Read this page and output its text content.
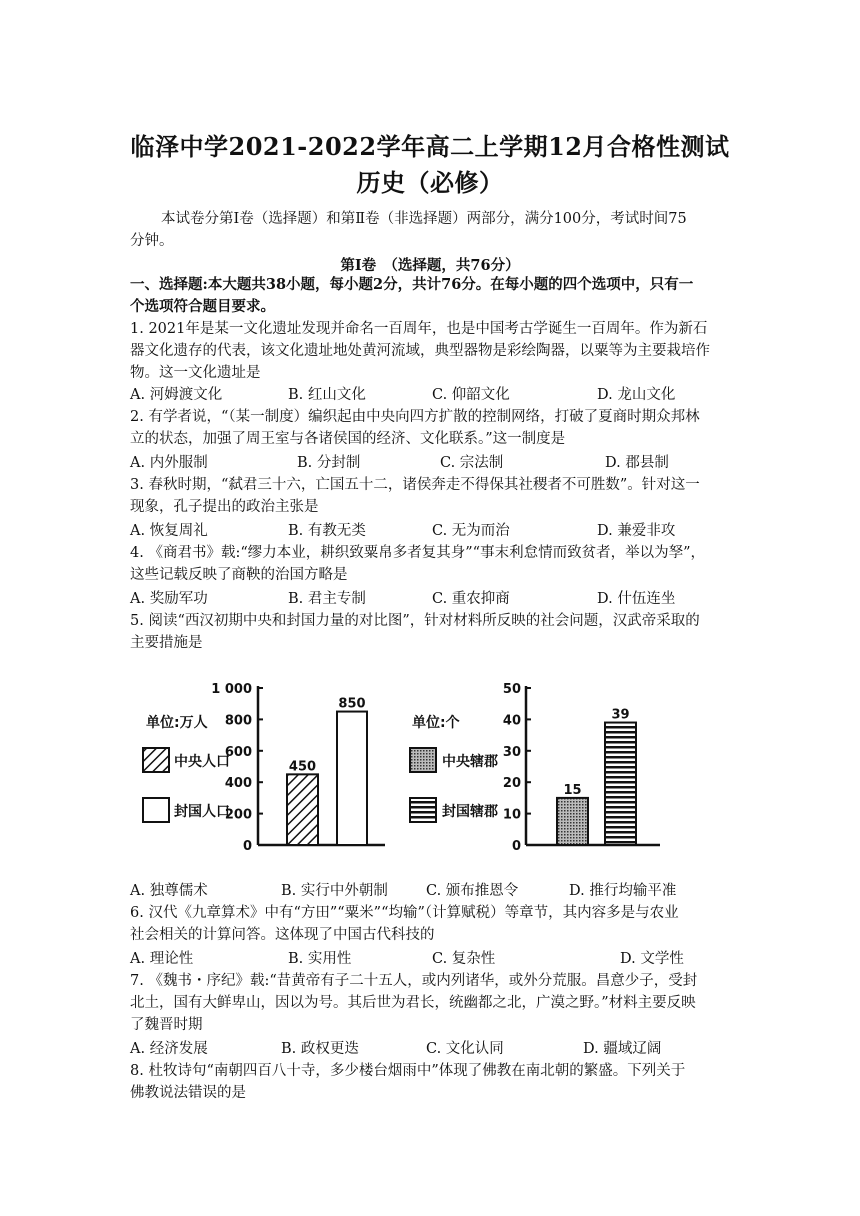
临泽中学2021-2022学年高二上学期12月合格性测试
历史（必修）
本试卷分第Ⅰ卷（选择题）和第Ⅱ卷（非选择题）两部分，满分100分，考试时间75
分钟。
第Ⅰ卷　（选择题，共76分）
一、选择题:本大题共38小题，每小题2分，共计76分。在每小题的四个选项中，只有一
个选项符合题目要求。
1. 2021年是某一文化遗址发现并命名一百周年，也是中国考古学诞生一百周年。作为新石
器文化遗存的代表，该文化遗址地处黄河流域，典型器物是彩绘陶器，以粟等为主要栽培作
物。这一文化遗址是
A. 河姆渡文化	B. 红山文化	C. 仰韶文化	D. 龙山文化
2. 有学者说，“（某一制度）编织起由中央向四方扩散的控制网络，打破了夏商时期众邦林
立的状态，加强了周王室与各诸侯国的经济、文化联系。”这一制度是
A. 内外服制	B. 分封制	C. 宗法制	D. 郡县制
3. 春秋时期，“弑君三十六，亡国五十二，诸侯奔走不得保其社稷者不可胜数”。针对这一
现象，孔子提出的政治主张是
A. 恢复周礼	B. 有教无类	C. 无为而治	D. 兼爱非攻
4. 《商君书》载:“缪力本业，耕织致粟帛多者复其身”“事末利怠情而致贫者，举以为孥”，
这些记载反映了商鞅的治国方略是
A. 奖励军功	B. 君主专制	C. 重农抑商	D. 什伍连坐
5. 阅读“西汉初期中央和封国力量的对比图”，针对材料所反映的社会问题，汉武帝采取的
主要措施是
0
200
400
600
800
1 000
450
850
单位:万人
中央人口
封国人口
0
10
20
30
40
50
15
39
单位:个
中央辖郡
封国辖郡
A. 独尊儒术	B. 实行中外朝制	C. 颁布推恩令	D. 推行均输平准
6. 汉代《九章算术》中有“方田”“粟米”“均输”（计算赋税）等章节，其内容多是与农业
社会相关的计算问答。这体现了中国古代科技的
A. 理论性	B. 实用性	C. 复杂性	D. 文学性
7. 《魏书・序纪》载:“昔黄帝有子二十五人，或内列诸华，或外分荒服。昌意少子，受封
北土，国有大鲜卑山，因以为号。其后世为君长，统幽都之北，广漠之野。”材料主要反映
了魏晋时期
A. 经济发展	B. 政权更迭	C. 文化认同	D. 疆域辽阔
8. 杜牧诗句“南朝四百八十寺，多少楼台烟雨中”体现了佛教在南北朝的繁盛。下列关于
佛教说法错误的是
